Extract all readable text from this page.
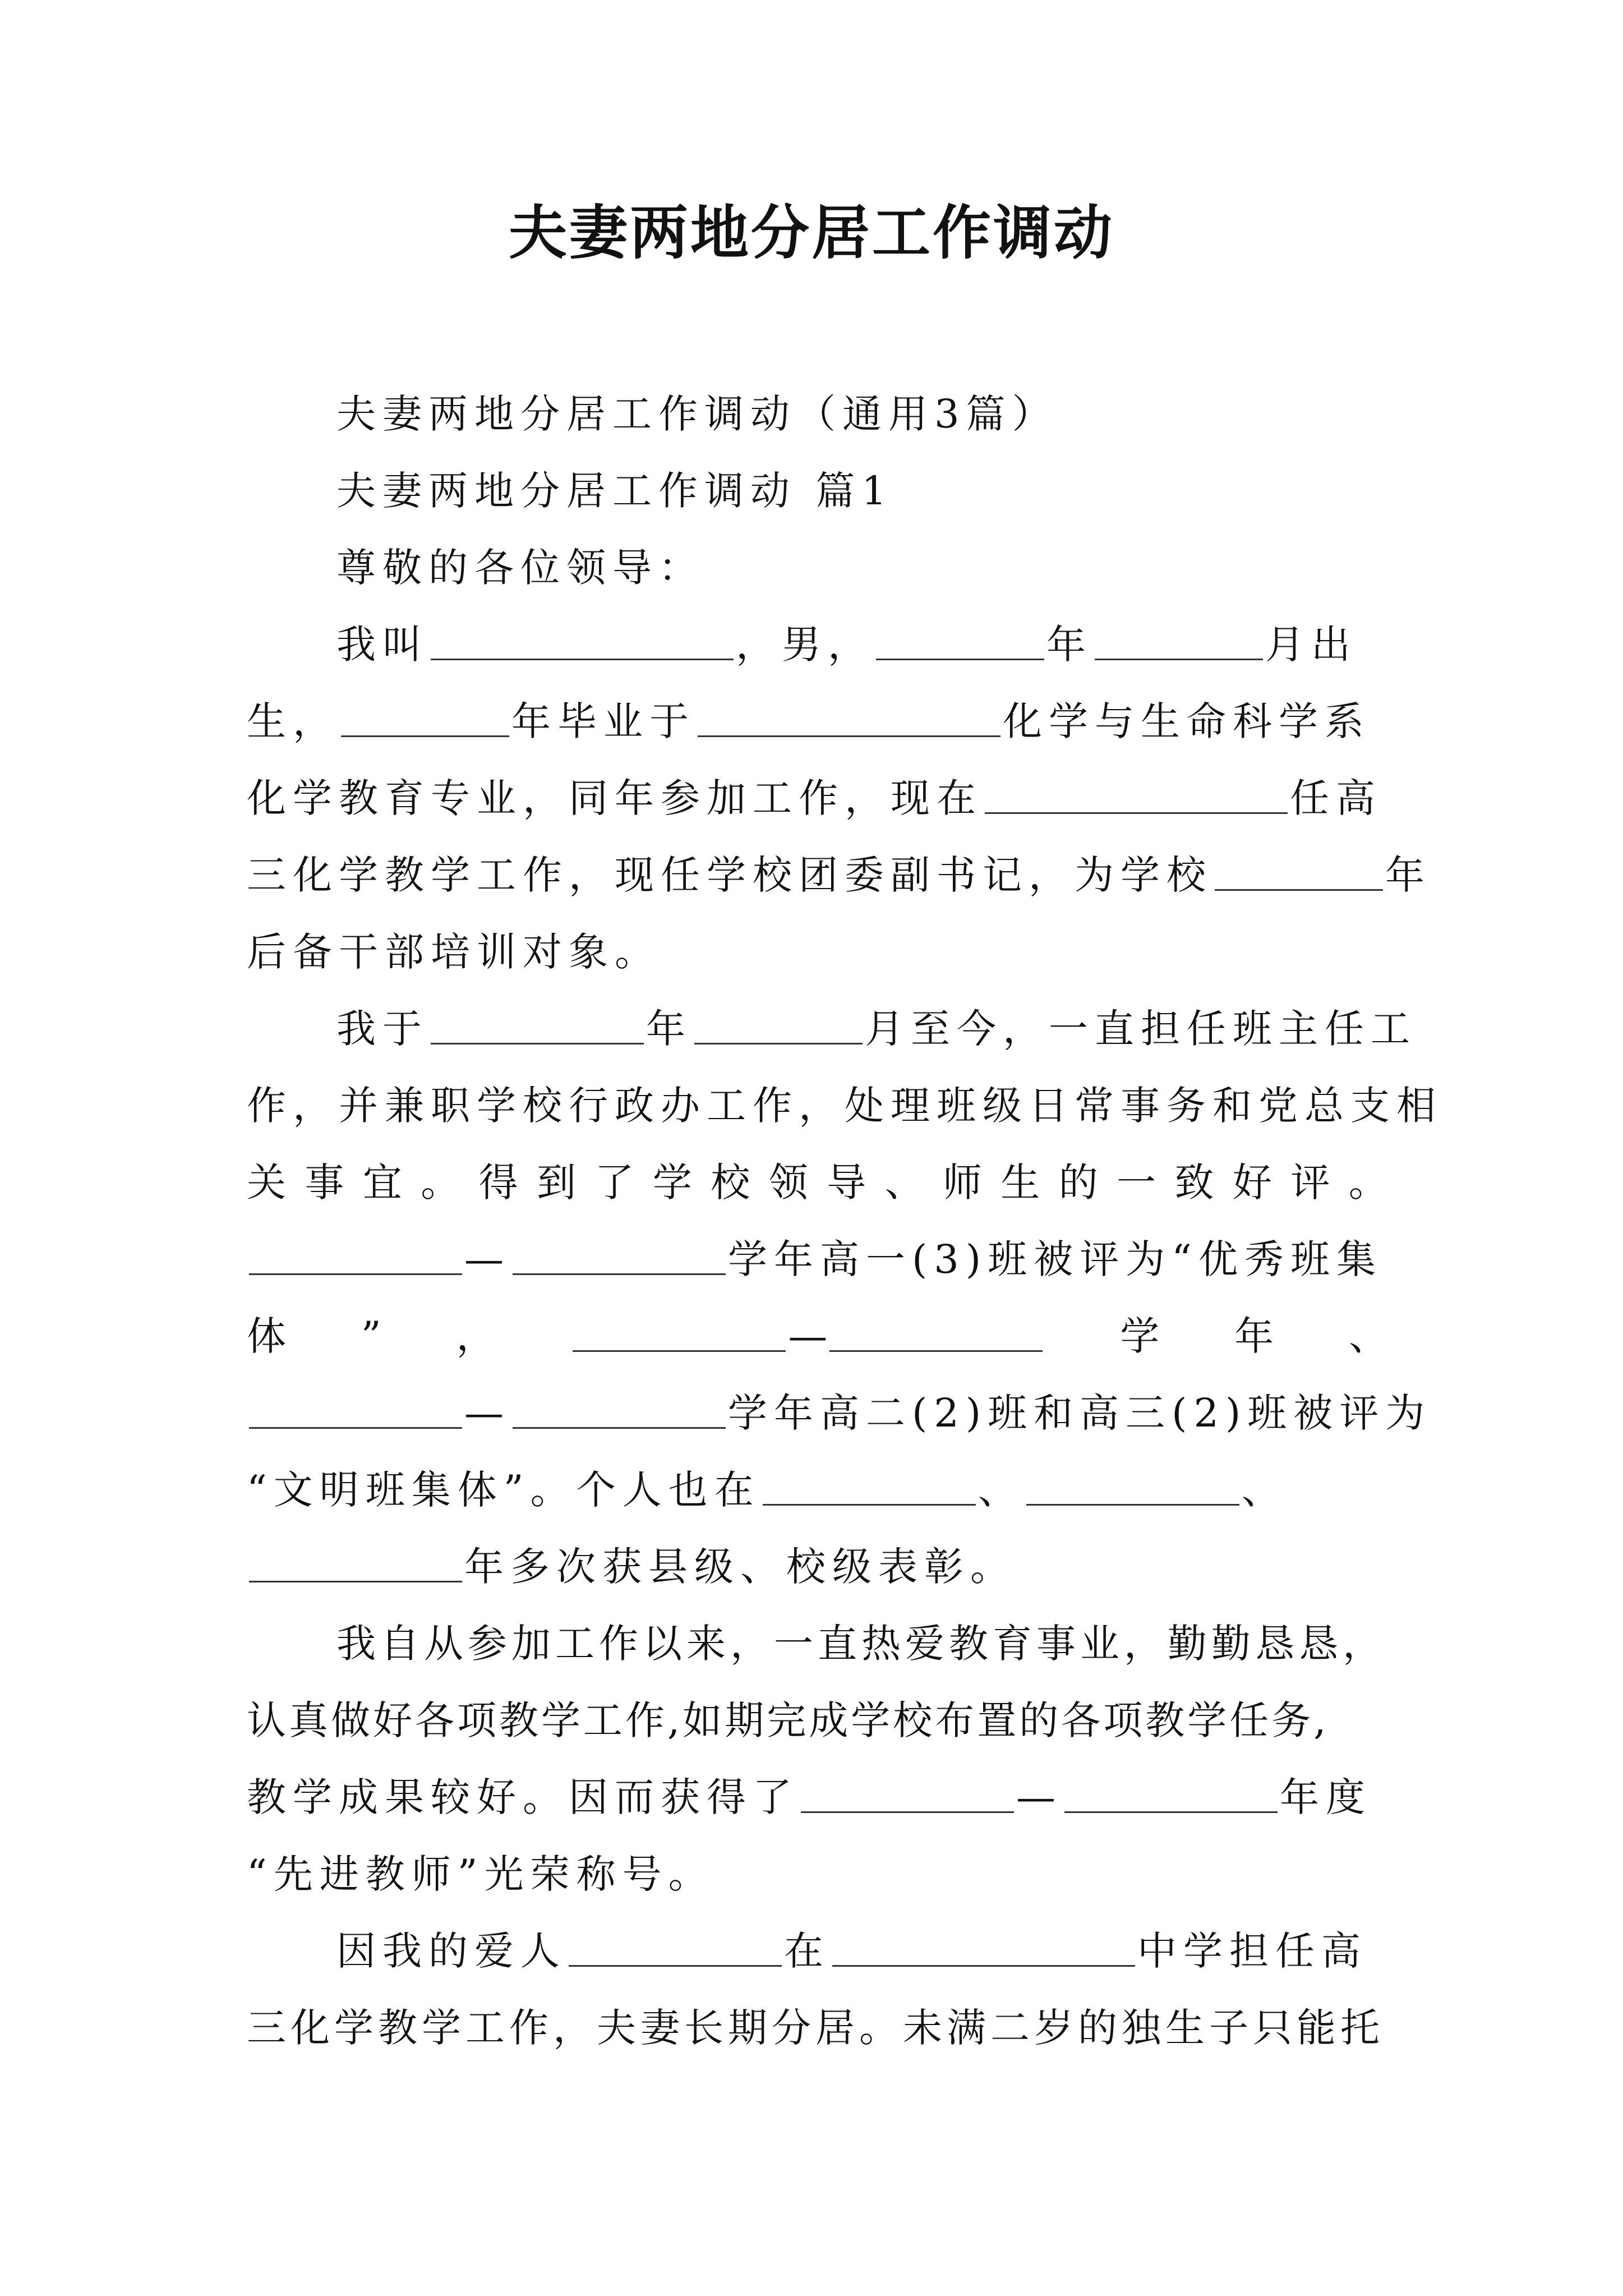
夫妻两地分居工作调动
夫妻两地分居工作调动（通用3篇）
夫妻两地分居工作调动 篇1
尊敬的各位领导：
我叫	，男，	年	月出
生，	年毕业于	化学与生命科学系
化学教育专业，同年参加工作，现在	任高
三化学教学工作，现任学校团委副书记，为学校	年
后备干部培训对象。
我于	年	月至今，一直担任班主任工
作，并兼职学校行政办工作，处理班级日常事务和党总支相
关 事 宜 。 得 到 了 学 校 领 导 、 师 生 的 一 致 好 评 。
—	学年高一(3)班被评为“优秀班集
体 ” ，	—	学 年 、
—	学年高二(2)班和高三(2)班被评为
“文明班集体”。个人也在	、	、
年多次获县级、校级表彰。
我自从参加工作以来，一直热爱教育事业，勤勤恳恳，
认真做好各项教学工作,如期完成学校布置的各项教学任务,
教学成果较好。因而获得了	—	年度
“先进教师”光荣称号。
因我的爱人	在	中学担任高
三化学教学工作，夫妻长期分居。未满二岁的独生子只能托
